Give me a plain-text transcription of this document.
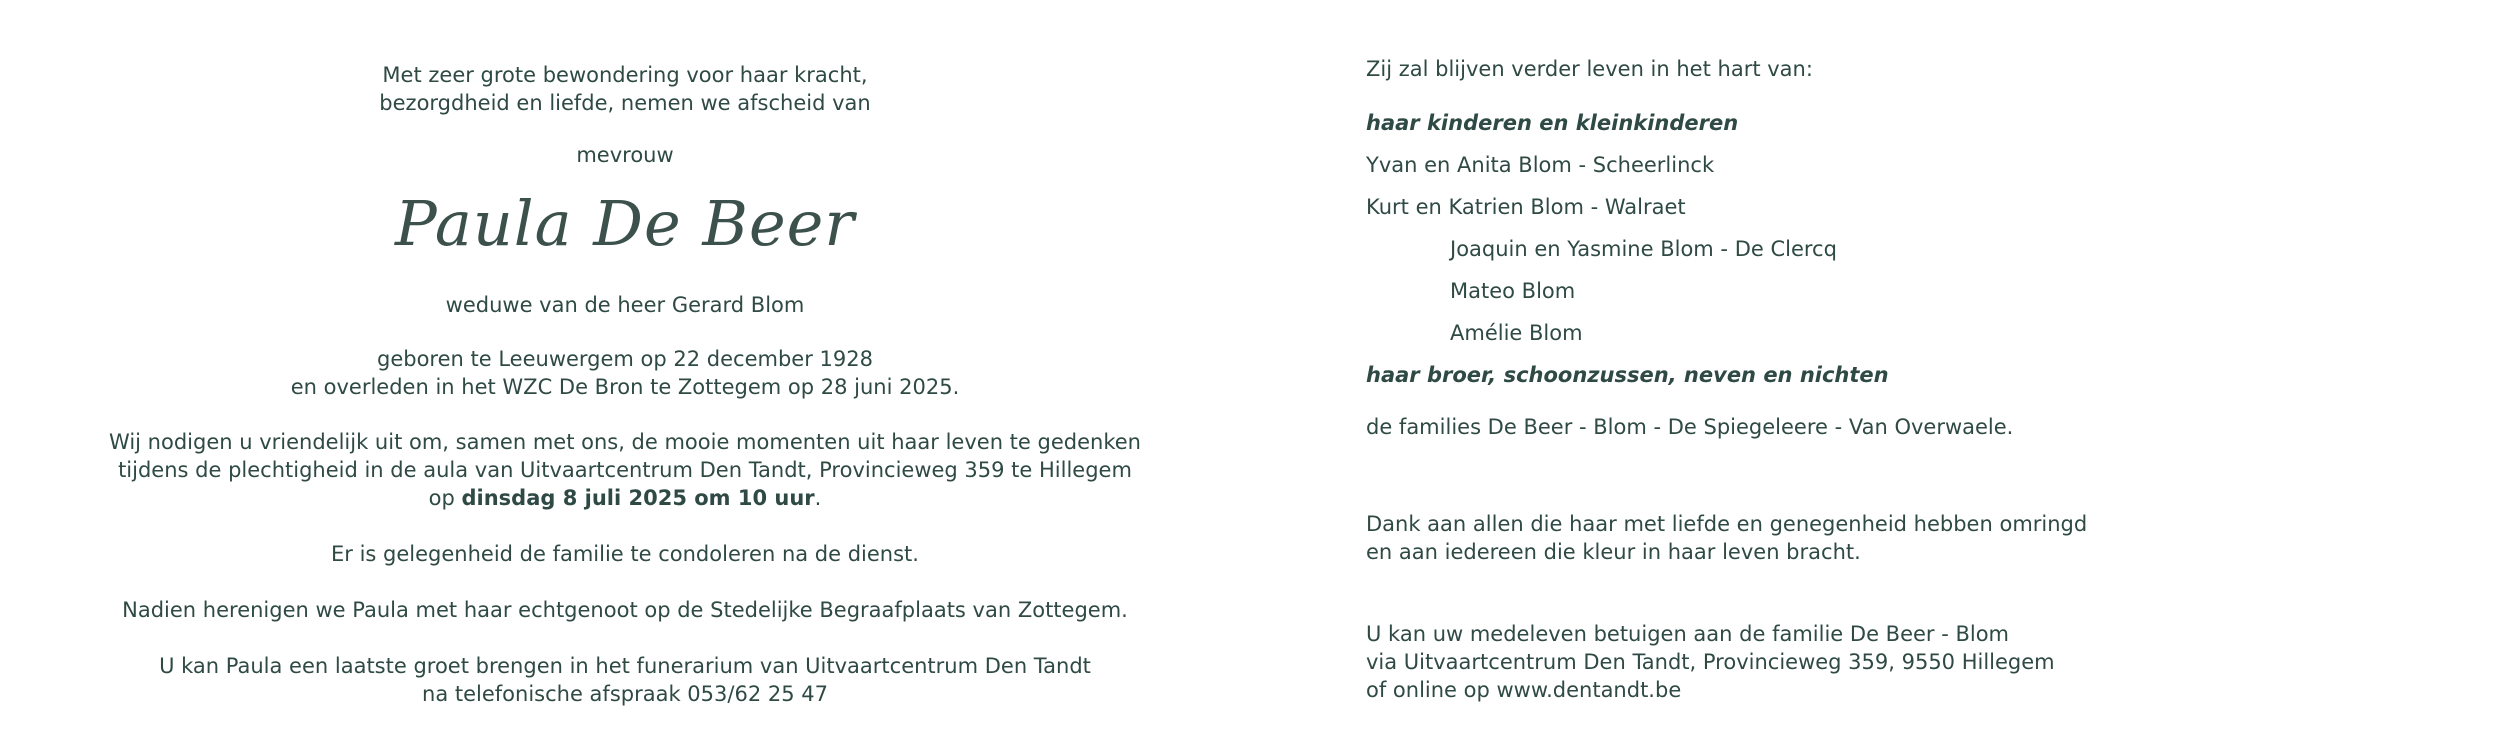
Met zeer grote bewondering voor haar kracht,

bezorgdheid en liefde, nemen we afscheid van

mevrouw

Paula De Beer

weduwe van de heer Gerard Blom

geboren te Leeuwergem op 22 december 1928

en overleden in het WZC De Bron te Zottegem op 28 juni 2025.

Wij nodigen u vriendelijk uit om, samen met ons, de mooie momenten uit haar leven te gedenken

tijdens de plechtigheid in de aula van Uitvaartcentrum Den Tandt, Provincieweg 359 te Hillegem

op dinsdag 8 juli 2025 om 10 uur.

Er is gelegenheid de familie te condoleren na de dienst.

Nadien herenigen we Paula met haar echtgenoot op de Stedelijke Begraafplaats van Zottegem.

U kan Paula een laatste groet brengen in het funerarium van Uitvaartcentrum Den Tandt

na telefonische afspraak 053/62 25 47

Zij zal blijven verder leven in het hart van:

haar kinderen en kleinkinderen

Yvan en Anita Blom - Scheerlinck

Kurt en Katrien Blom - Walraet

Joaquin en Yasmine Blom - De Clercq

Mateo Blom

Amélie Blom

haar broer, schoonzussen, neven en nichten

de families De Beer - Blom - De Spiegeleere - Van Overwaele.

Dank aan allen die haar met liefde en genegenheid hebben omringd

en aan iedereen die kleur in haar leven bracht.

U kan uw medeleven betuigen aan de familie De Beer - Blom

via Uitvaartcentrum Den Tandt, Provincieweg 359, 9550 Hillegem

of online op www.dentandt.be
